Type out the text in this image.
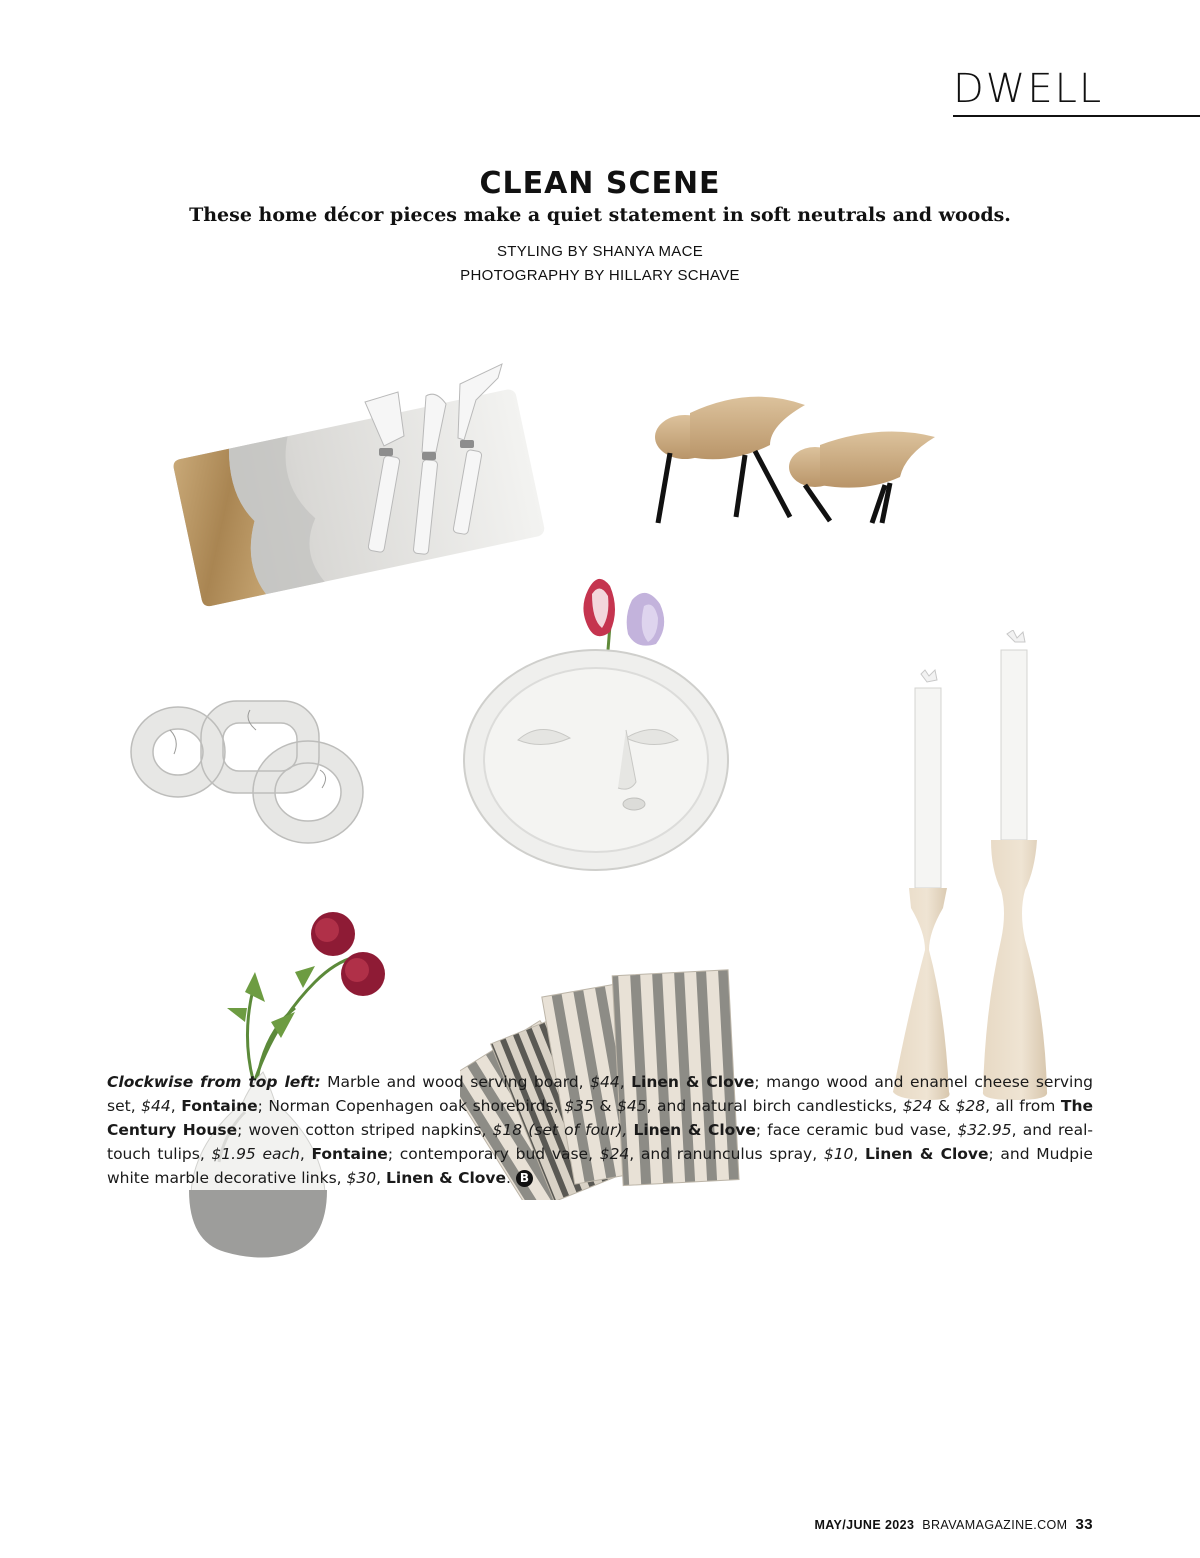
DWELL
CLEAN SCENE
These home décor pieces make a quiet statement in soft neutrals and woods.
STYLING BY SHANYA MACE
PHOTOGRAPHY BY HILLARY SCHAVE
Clockwise from top left: Marble and wood serving board, $44, Linen & Clove; mango wood and enamel cheese serving set, $44, Fontaine; Norman Copenhagen oak shorebirds, $35 & $45, and natural birch candlesticks, $24 & $28, all from The Century House; woven cotton striped napkins, $18 (set of four), Linen & Clove; face ceramic bud vase, $32.95, and real-touch tulips, $1.95 each, Fontaine; contemporary bud vase, $24, and ranunculus spray, $10, Linen & Clove; and Mudpie white marble decorative links, $30, Linen & Clove. B
MAY/JUNE 2023 BRAVAMAGAZINE.COM 33
